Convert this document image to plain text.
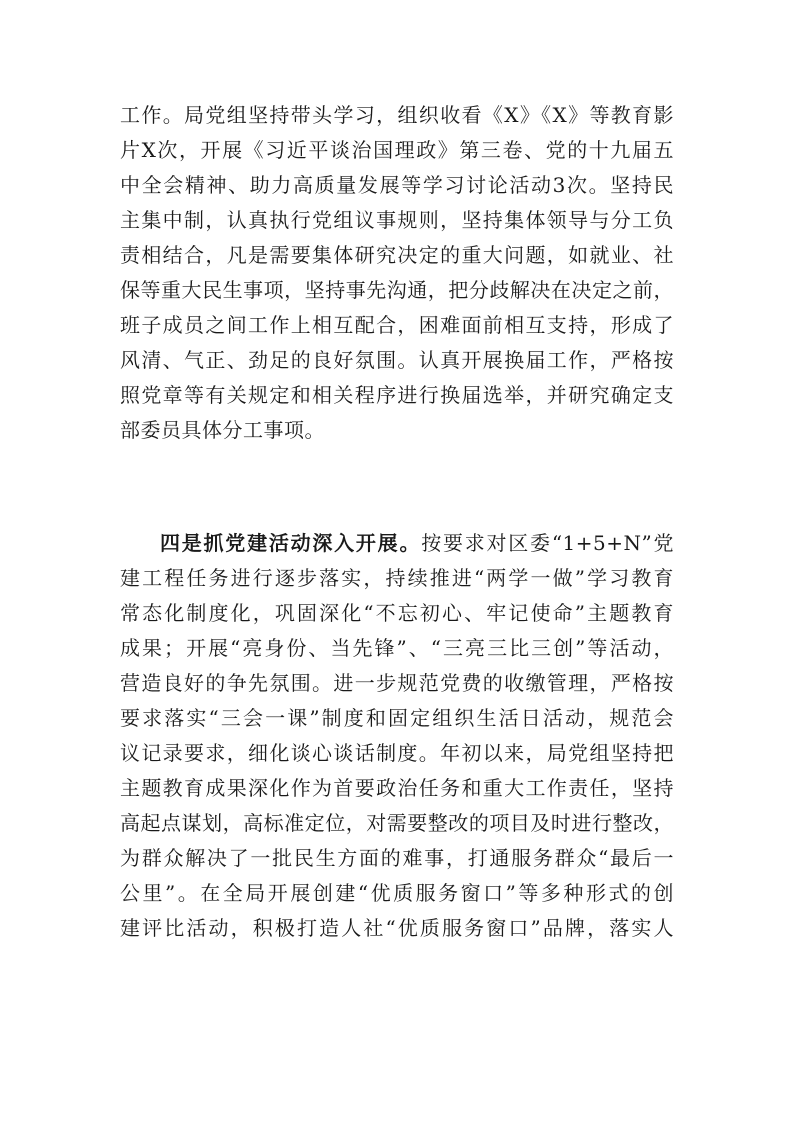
工作。局党组坚持带头学习，组织收看《X》《X》等教育影
片X次，开展《习近平谈治国理政》第三卷、党的十九届五
中全会精神、助力高质量发展等学习讨论活动3次。坚持民
主集中制，认真执行党组议事规则，坚持集体领导与分工负
责相结合，凡是需要集体研究决定的重大问题，如就业、社
保等重大民生事项，坚持事先沟通，把分歧解决在决定之前，
班子成员之间工作上相互配合，困难面前相互支持，形成了
风清、气正、劲足的良好氛围。认真开展换届工作，严格按
照党章等有关规定和相关程序进行换届选举，并研究确定支
部委员具体分工事项。
四是抓党建活动深入开展。按要求对区委“1+5+N”党
建工程任务进行逐步落实，持续推进“两学一做”学习教育
常态化制度化，巩固深化“不忘初心、牢记使命”主题教育
成果；开展“亮身份、当先锋”、“三亮三比三创”等活动，
营造良好的争先氛围。进一步规范党费的收缴管理，严格按
要求落实“三会一课”制度和固定组织生活日活动，规范会
议记录要求，细化谈心谈话制度。年初以来，局党组坚持把
主题教育成果深化作为首要政治任务和重大工作责任，坚持
高起点谋划，高标准定位，对需要整改的项目及时进行整改，
为群众解决了一批民生方面的难事，打通服务群众“最后一
公里”。在全局开展创建“优质服务窗口”等多种形式的创
建评比活动，积极打造人社“优质服务窗口”品牌，落实人
